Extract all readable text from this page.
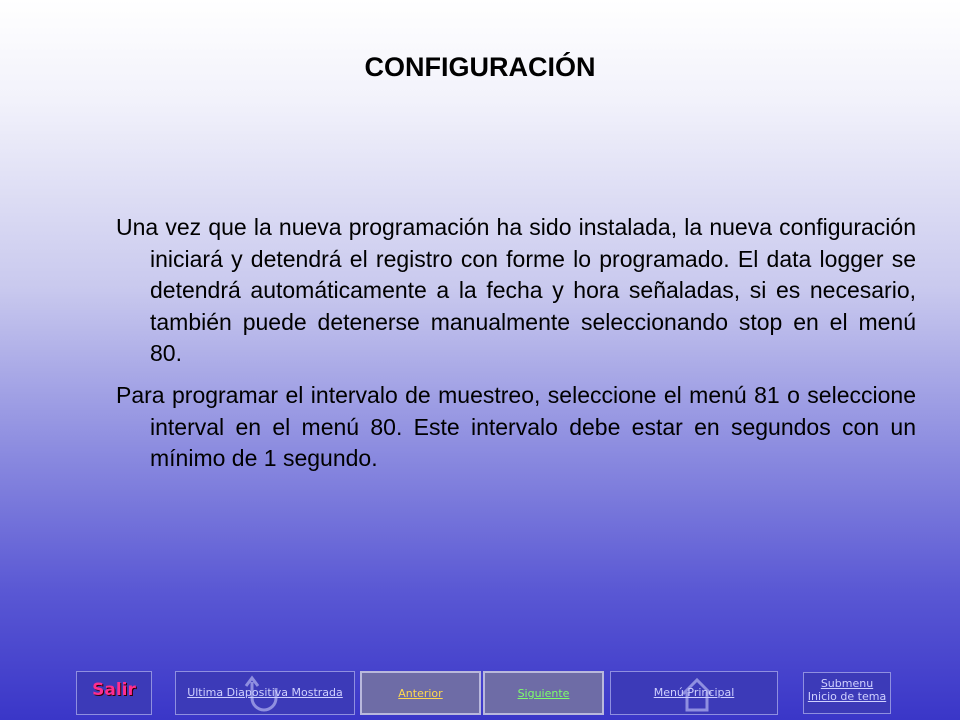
CONFIGURACIÓN

Una vez que la nueva programación ha sido instalada, la nueva configuración iniciará y detendrá el registro con forme lo programado. El data logger se detendrá automáticamente a la fecha y hora señaladas, si es necesario, también puede detenerse manualmente seleccionando stop en el menú 80.

Para programar el intervalo de muestreo, seleccione el menú 81 o seleccione interval en el menú 80. Este intervalo debe estar en segundos con un mínimo de 1 segundo.

Salir	Ultima Diapositiva Mostrada	Anterior	Siguiente	Menú Principal
Submenu
Inicio de tema
